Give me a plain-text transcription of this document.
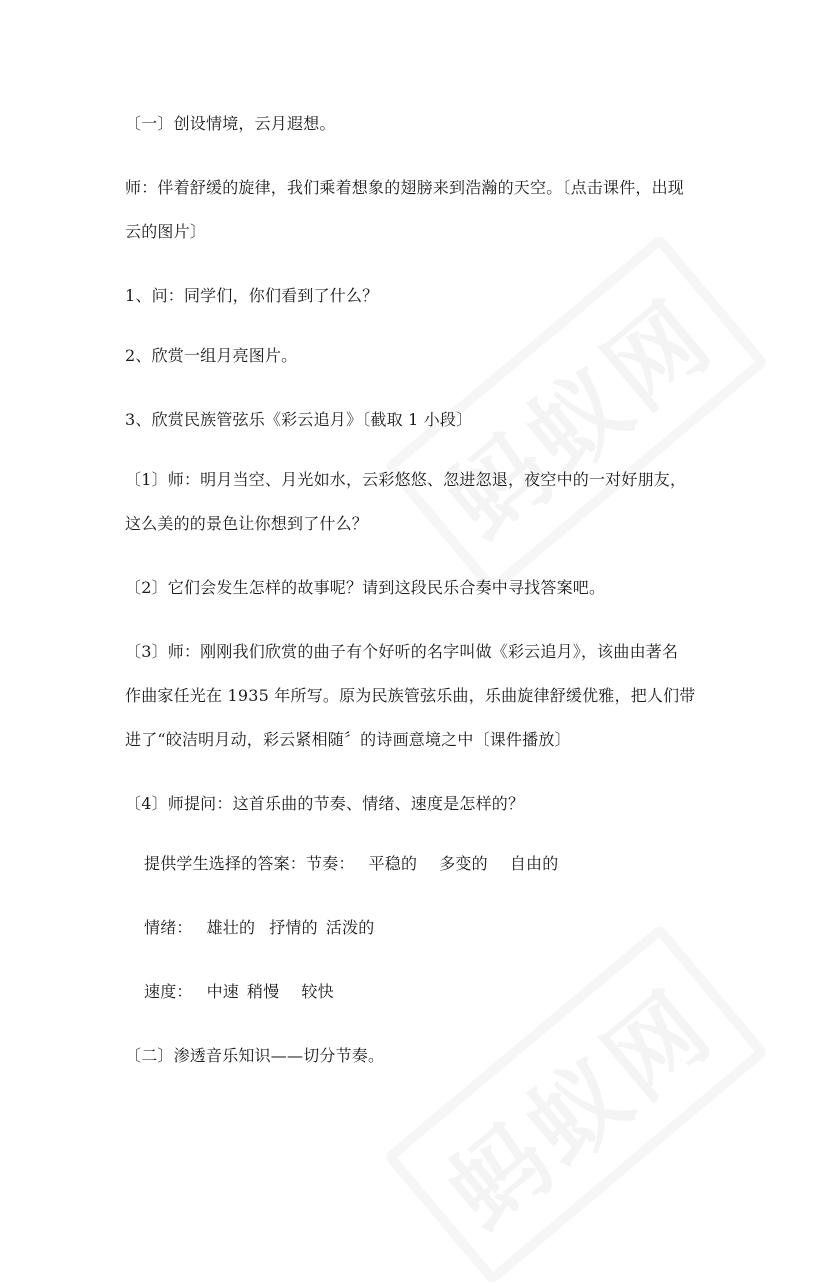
〔一〕创设情境，云月遐想。
师：伴着舒缓的旋律，我们乘着想象的翅膀来到浩瀚的天空。〔点击课件，出现
云的图片〕
1、问：同学们，你们看到了什么？
2、欣赏一组月亮图片。
3、欣赏民族管弦乐《彩云追月》〔截取 1 小段〕
〔1〕师：明月当空、月光如水，云彩悠悠、忽进忽退，夜空中的一对好朋友，
这么美的的景色让你想到了什么？
〔2〕它们会发生怎样的故事呢？请到这段民乐合奏中寻找答案吧。
〔3〕师：刚刚我们欣赏的曲子有个好听的名字叫做《彩云追月》，该曲由著名
作曲家任光在 1935 年所写。原为民族管弦乐曲，乐曲旋律舒缓优雅，把人们带
进了“皎洁明月动，彩云紧相随〞的诗画意境之中〔课件播放〕
〔4〕师提问：这首乐曲的节奏、情绪、速度是怎样的？
提供学生选择的答案：节奏： 平稳的 多变的 自由的
情绪： 雄壮的 抒情的 活泼的
速度： 中速 稍慢 较快
〔二〕渗透音乐知识——切分节奏。
